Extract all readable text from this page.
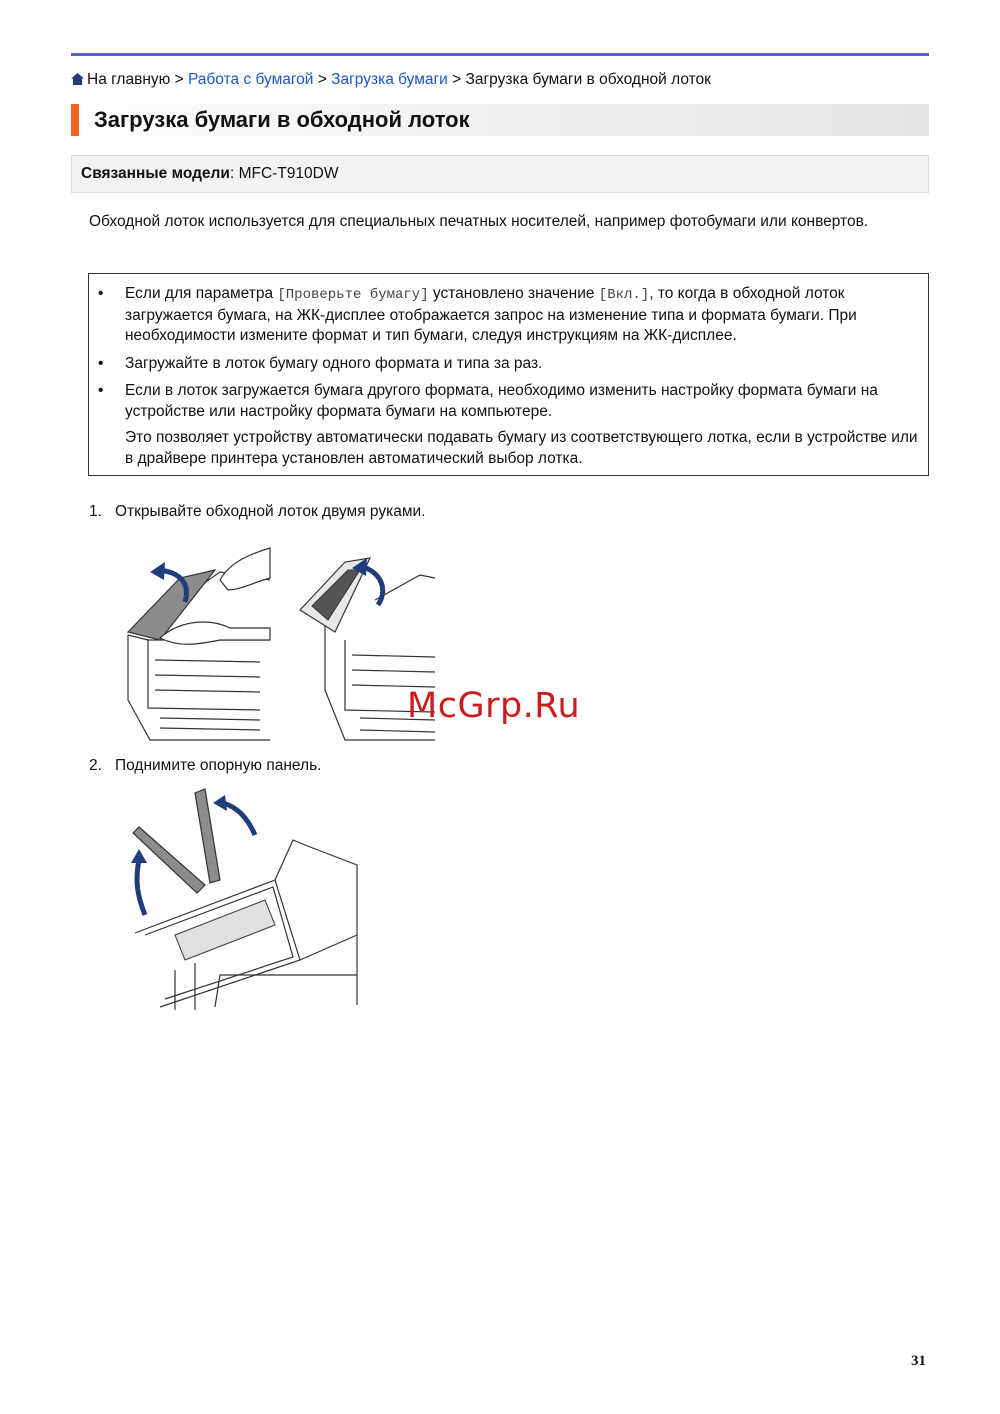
На главную > Работа с бумагой > Загрузка бумаги > Загрузка бумаги в обходной лоток
Загрузка бумаги в обходной лоток
Связанные модели: MFC-T910DW
Обходной лоток используется для специальных печатных носителей, например фотобумаги или конвертов.
• Если для параметра [Проверьте бумагу] установлено значение [Вкл.], то когда в обходной лоток загружается бумага, на ЖК-дисплее отображается запрос на изменение типа и формата бумаги. При необходимости измените формат и тип бумаги, следуя инструкциям на ЖК-дисплее.
• Загружайте в лоток бумагу одного формата и типа за раз.
• Если в лоток загружается бумага другого формата, необходимо изменить настройку формата бумаги на устройстве или настройку формата бумаги на компьютере.
Это позволяет устройству автоматически подавать бумагу из соответствующего лотка, если в устройстве или в драйвере принтера установлен автоматический выбор лотка.
1. Открывайте обходной лоток двумя руками.
McGrp.Ru
2. Поднимите опорную панель.
31
